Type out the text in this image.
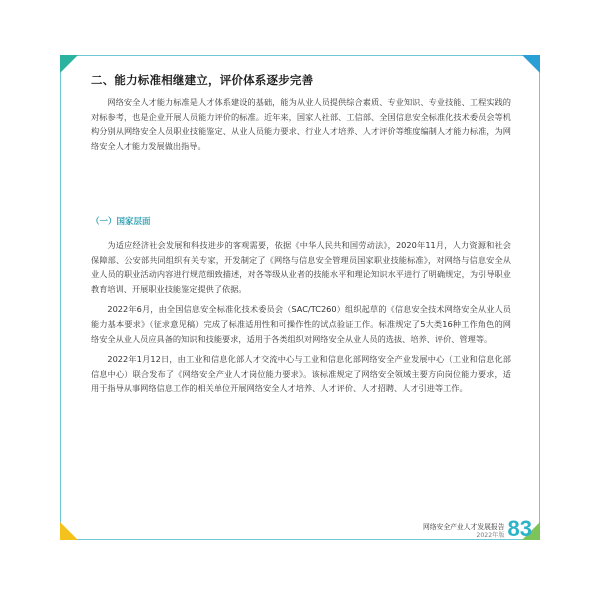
二、能力标准相继建立，评价体系逐步完善

网络安全人才能力标准是人才体系建设的基础，能为从业人员提供综合素质、专业知识、专业技能、工程实践的对标参考，也是企业开展人员能力评价的标准。近年来，国家人社部、工信部、全国信息安全标准化技术委员会等机构分别从网络安全人员职业技能鉴定、从业人员能力要求、行业人才培养、人才评价等维度编制人才能力标准，为网络安全人才能力发展做出指导。

（一）国家层面

为适应经济社会发展和科技进步的客观需要，依据《中华人民共和国劳动法》，2020年11月，人力资源和社会保障部、公安部共同组织有关专家，开发制定了《网络与信息安全管理员国家职业技能标准》，对网络与信息安全从业人员的职业活动内容进行规范细致描述，对各等级从业者的技能水平和理论知识水平进行了明确规定，为引导职业教育培训、开展职业技能鉴定提供了依据。

2022年6月，由全国信息安全标准化技术委员会（SAC/TC260）组织起草的《信息安全技术网络安全从业人员能力基本要求》（征求意见稿）完成了标准适用性和可操作性的试点验证工作。标准规定了5大类16种工作角色的网络安全从业人员应具备的知识和技能要求，适用于各类组织对网络安全从业人员的选拔、培养、评价、管理等。

2022年1月12日，由工业和信息化部人才交流中心与工业和信息化部网络安全产业发展中心（工业和信息化部信息中心）联合发布了《网络安全产业人才岗位能力要求》。该标准规定了网络安全领域主要方向岗位能力要求，适用于指导从事网络信息工作的相关单位开展网络安全人才培养、人才评价、人才招聘、人才引进等工作。

网络安全产业人才发展报告
2022年版 83
